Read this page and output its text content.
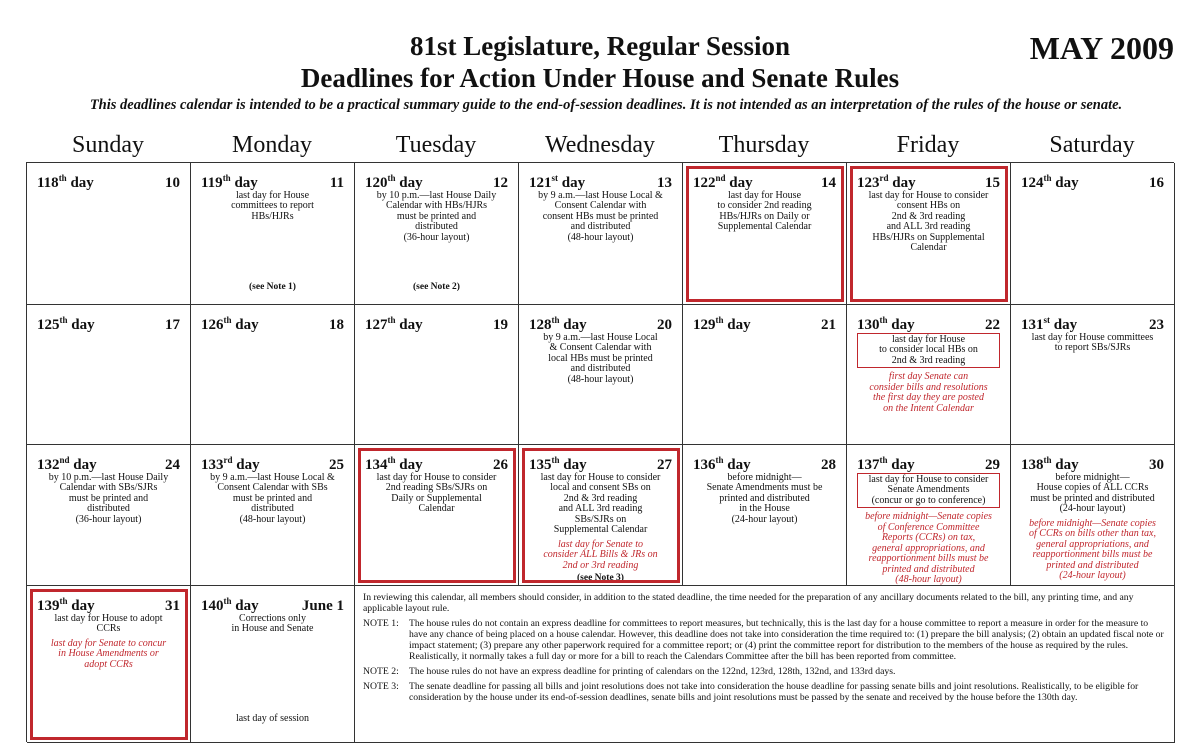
81st Legislature, Regular Session
Deadlines for Action Under House and Senate Rules
MAY 2009
This deadlines calendar is intended to be a practical summary guide to the end-of-session deadlines. It is not intended as an interpretation of the rules of the house or senate.
Sunday	Monday	Tuesday	Wednesday	Thursday	Friday	Saturday
118th day	10 119th day	11
last day for House
committees to report
HBs/HJRs
(see Note 1)
120th day	12
by 10 p.m.—last House Daily
Calendar with HBs/HJRs
must be printed and
distributed
(36-hour layout)
(see Note 2)
121st day	13
by 9 a.m.—last House Local &
Consent Calendar with
consent HBs must be printed
and distributed
(48-hour layout)
122nd day	14
last day for House
to consider 2nd reading
HBs/HJRs on Daily or
Supplemental Calendar
123rd day	15
last day for House to consider
consent HBs on
2nd & 3rd reading
and ALL 3rd reading
HBs/HJRs on Supplemental
Calendar
124th day	16
125th day	17 126th day	18 127th day	19 128th day	20
by 9 a.m.—last House Local
& Consent Calendar with
local HBs must be printed
and distributed
(48-hour layout)
129th day	21 130th day	22
last day for House
to consider local HBs on
2nd & 3rd reading
first day Senate can
consider bills and resolutions
the first day they are posted
on the Intent Calendar
131st day	23
last day for House committees
to report SBs/SJRs
132nd day	24
by 10 p.m.—last House Daily
Calendar with SBs/SJRs
must be printed and
distributed
(36-hour layout)
133rd day	25
by 9 a.m.—last House Local &
Consent Calendar with SBs
must be printed and
distributed
(48-hour layout)
134th day	26
last day for House to consider
2nd reading SBs/SJRs on
Daily or Supplemental
Calendar
135th day	27
last day for House to consider
local and consent SBs on
2nd & 3rd reading
and ALL 3rd reading
SBs/SJRs on
Supplemental Calendar
last day for Senate to
consider ALL Bills & JRs on
2nd or 3rd reading
(see Note 3)
136th day	28
before midnight—
Senate Amendments must be
printed and distributed
in the House
(24-hour layout)
137th day	29
last day for House to consider
Senate Amendments
(concur or go to conference)
before midnight—Senate copies
of Conference Committee
Reports (CCRs) on tax,
general appropriations, and
reapportionment bills must be
printed and distributed
(48-hour layout)
138th day	30
before midnight—
House copies of ALL CCRs
must be printed and distributed
(24-hour layout)
before midnight—Senate copies
of CCRs on bills other than tax,
general appropriations, and
reapportionment bills must be
printed and distributed
(24-hour layout)
139th day	31
last day for House to adopt
CCRs
last day for Senate to concur
in House Amendments or
adopt CCRs
140th day	June 1
Corrections only
in House and Senate
last day of session

In reviewing this calendar, all members should consider, in addition to the stated deadline, the time needed for the preparation of any ancillary documents related to the bill, any printing time, and any applicable layout rule.

NOTE 1:	The house rules do not contain an express deadline for committees to report measures, but technically, this is the last day for a house committee to report a measure in order for the measure to have any chance of being placed on a house calendar. However, this deadline does not take into consideration the time required to: (1) prepare the bill analysis; (2) obtain an updated fiscal note or impact statement; (3) prepare any other paperwork required for a committee report; or (4) print the committee report for distribution to the members of the house as required by the rules. Realistically, it normally takes a full day or more for a bill to reach the Calendars Committee after the bill has been reported from committee.
NOTE 2:	The house rules do not have an express deadline for printing of calendars on the 122nd, 123rd, 128th, 132nd, and 133rd days.
NOTE 3:	The senate deadline for passing all bills and joint resolutions does not take into consideration the house deadline for passing senate bills and joint resolutions. Realistically, to be eligible for consideration by the house under its end-of-session deadlines, senate bills and joint resolutions must be passed by the senate and received by the house before the 130th day.
